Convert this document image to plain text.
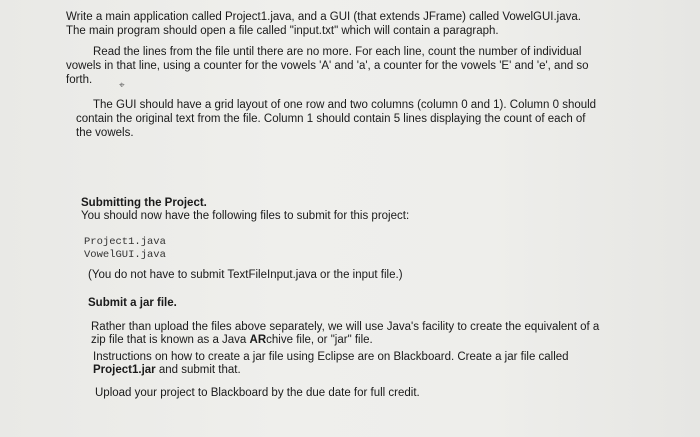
Write a main application called Project1.java, and a GUI (that extends JFrame) called VowelGUI.java.
The main program should open a file called "input.txt" which will contain a paragraph.
Read the lines from the file until there are no more. For each line, count the number of individual
vowels in that line, using a counter for the vowels 'A' and 'a', a counter for the vowels 'E' and 'e', and so
forth.	⌖
The GUI should have a grid layout of one row and two columns (column 0 and 1). Column 0 should
contain the original text from the file. Column 1 should contain 5 lines displaying the count of each of
the vowels.
Submitting the Project.
You should now have the following files to submit for this project:
Project1.java
VowelGUI.java
(You do not have to submit TextFileInput.java or the input file.)
Submit a jar file.
Rather than upload the files above separately, we will use Java's facility to create the equivalent of a
zip file that is known as a Java ARchive file, or "jar" file.
Instructions on how to create a jar file using Eclipse are on Blackboard. Create a jar file called
Project1.jar and submit that.
Upload your project to Blackboard by the due date for full credit.
